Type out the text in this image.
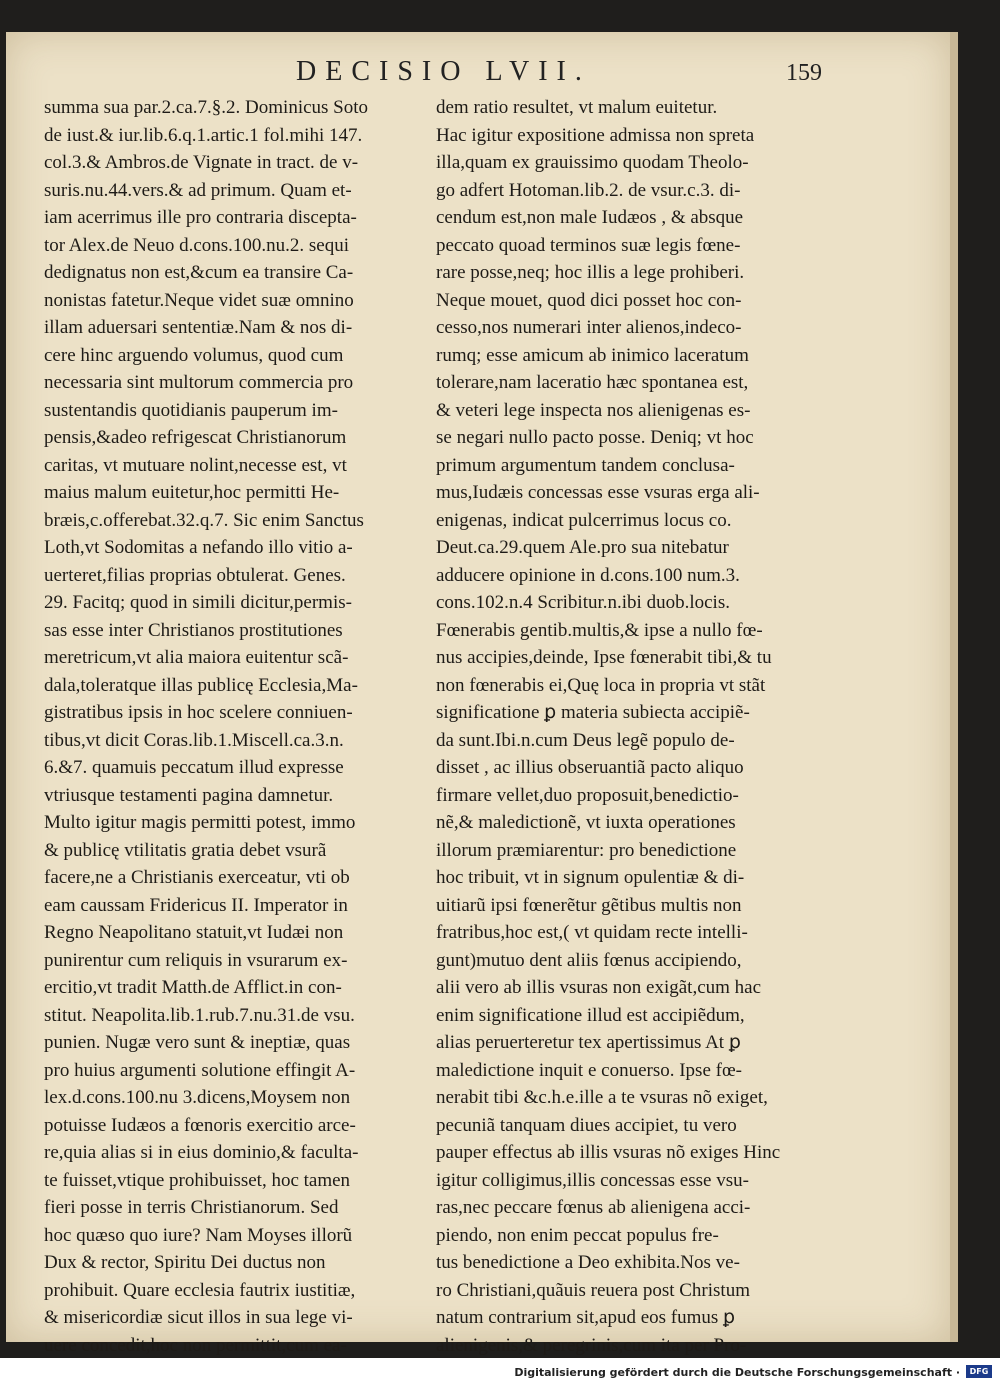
DECISIO LVII.	159
summa sua par.2.ca.7.§.2. Dominicus Soto
de iust.& iur.lib.6.q.1.artic.1 fol.mihi 147.
col.3.& Ambros.de Vignate in tract. de v-
suris.nu.44.vers.& ad primum. Quam et-
iam acerrimus ille pro contraria disceptа-
tor Alex.de Neuo d.cons.100.nu.2. sequi
dedignatus non est,&cum ea transire Ca-
nonistas fatetur.Neque videt suæ omnino
illam aduersari sententiæ.Nam & nos di-
cere hinc arguendo volumus, quod cum
necessaria sint multorum commercia pro
sustentandis quotidianis pauperum im-
pensis,&adeo refrigescat Christianorum
caritas, vt mutuare nolint,necesse est, vt
maius malum euitetur,hoc permitti He-
bræis,c.offerebat.32.q.7. Sic enim Sanctus
Loth,vt Sodomitas a nefando illo vitio a-
uerteret,filias proprias obtulerat. Genes.
29. Facitq; quod in simili dicitur,permis-
sas esse inter Christianos prostitutiones
meretricum,vt alia maiora euitentur scã-
dala,toleratque illas publicę Ecclesia,Ma-
gistratibus ipsis in hoc scelere conniuen-
tibus,vt dicit Coras.lib.1.Miscell.ca.3.n.
6.&7. quamuis peccatum illud expresse
vtriusque testamenti pagina damnetur.
Multo igitur magis permitti potest, immo
& publicę vtilitatis gratia debet vsurã
facere,ne a Christianis exerceatur, vti ob
eam caussam Fridericus II. Imperator in
Regno Neapolitano statuit,vt Iudæi non
punirentur cum reliquis in vsurarum ex-
ercitio,vt tradit Matth.de Afflict.in con-
stitut. Neapolita.lib.1.rub.7.nu.31.de vsu.
punien. Nugæ vero sunt & ineptiæ, quas
pro huius argumenti solutione effingit A-
lex.d.cons.100.nu 3.dicens,Moysem non
potuisse Iudæos a fœnoris exercitio arce-
re,quia alias si in eius dominio,& faculta-
te fuisset,vtique prohibuisset, hoc tamen
fieri posse in terris Christianorum. Sed
hoc quæso quo iure? Nam Moyses illorũ
Dux & rector, Spiritu Dei ductus non
prohibuit. Quare ecclesia fautrix iustitiæ,
& misericordiæ sicut illos in sua lege vi-
uere concedit,hoc non permittit,cum ea-
dem ratio resultet, vt malum euitetur.
Hac igitur expositione admissa non spreta
illa,quam ex grauissimo quodam Theolo-
go adfert Hotoman.lib.2. de vsur.c.3. di-
cendum est,non male Iudæos , & absque
peccato quoad terminos suæ legis fœne-
rare posse,neq; hoc illis a lege prohiberi.
Neque mouet, quod dici posset hoc con-
cesso,nos numerari inter alienos,indeco-
rumq; esse amicum ab inimico laceratum
tolerare,nam laceratio hæc spontanea est,
& veteri lege inspecta nos alienigenas es-
se negari nullo pacto posse. Deniq; vt hoc
primum argumentum tandem conclusa-
mus,Iudæis concessas esse vsuras erga ali-
enigenas, indicat pulcerrimus locus co.
Deut.ca.29.quem Ale.pro sua nitebatur
adducere opinione in d.cons.100 num.3.
cons.102.n.4 Scribitur.n.ibi duob.locis.
Fœnerabis gentib.multis,& ipse a nullo fœ-
nus accipies,deinde, Ipse fœnerabit tibi,& tu
non fœnerabis ei,Quę loca in propria vt stãt
significatione ꝑ materia subiecta accipiẽ-
da sunt.Ibi.n.cum Deus legẽ populo de-
disset , ac illius obseruantiã pacto aliquo
firmare vellet,duo proposuit,benedictio-
nẽ,& maledictionẽ, vt iuxta operationes
illorum præmiarentur: pro benedictione
hoc tribuit, vt in signum opulentiæ & di-
uitiarũ ipsi fœnerẽtur gẽtibus multis non
fratribus,hoc est,( vt quidam recte intelli-
gunt)mutuo dent aliis fœnus accipiendo,
alii vero ab illis vsuras non exigãt,cum hac
enim significatione illud est accipiẽdum,
alias peruerteretur tex apertissimus At ꝑ
maledictione inquit e conuerso. Ipse fœ-
nerabit tibi &c.h.e.ille a te vsuras nõ exiget,
pecuniã tanquam diues accipiet, tu vero
pauper effectus ab illis vsuras nõ exiges Hinc
igitur colligimus,illis concessas esse vsu-
ras,nec peccare fœnus ab alienigena acci-
piendo, non enim peccat populus fre-
tus benedictione a Deo exhibita.Nos ve-
ro Christiani,quãuis reuera post Christum
natum contrarium sit,apud eos fumus ꝑ
alienigenis,& peregrinis,cum ita per Pro-
Digitalisierung gefördert durch die Deutsche Forschungsgemeinschaft ·	DFG
